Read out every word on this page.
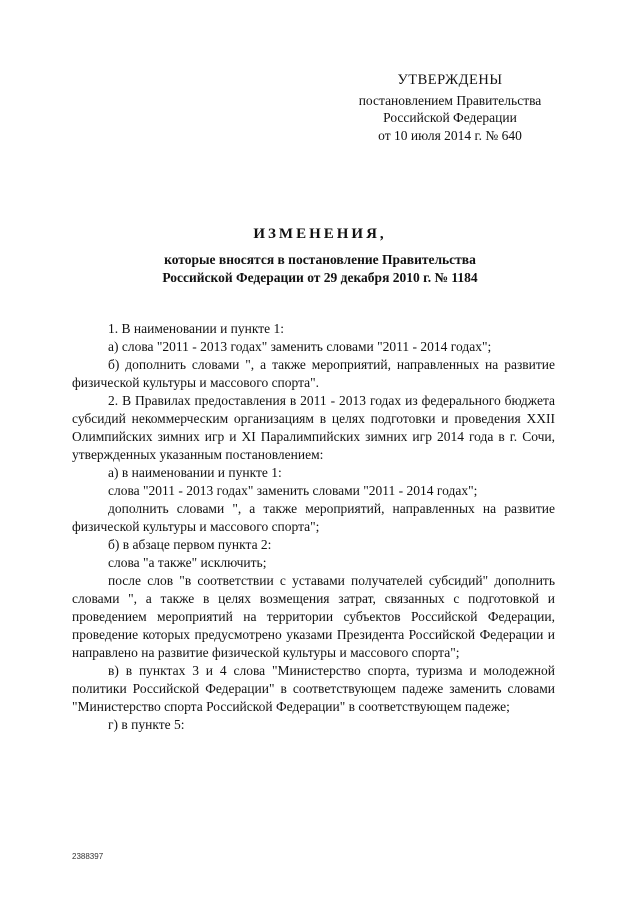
УТВЕРЖДЕНЫ
постановлением Правительства
Российской Федерации
от 10 июля 2014 г. № 640
ИЗМЕНЕНИЯ,
которые вносятся в постановление Правительства
Российской Федерации от 29 декабря 2010 г. № 1184

1. В наименовании и пункте 1:

а) слова "2011 - 2013 годах" заменить словами "2011 - 2014 годах";

б) дополнить словами ", а также мероприятий, направленных на развитие физической культуры и массового спорта".

2. В Правилах предоставления в 2011 - 2013 годах из федерального бюджета субсидий некоммерческим организациям в целях подготовки и проведения XXII Олимпийских зимних игр и XI Паралимпийских зимних игр 2014 года в г. Сочи, утвержденных указанным постановлением:

а) в наименовании и пункте 1:

слова "2011 - 2013 годах" заменить словами "2011 - 2014 годах";

дополнить словами ", а также мероприятий, направленных на развитие физической культуры и массового спорта";

б) в абзаце первом пункта 2:

слова "а также" исключить;

после слов "в соответствии с уставами получателей субсидий" дополнить словами ", а также в целях возмещения затрат, связанных с подготовкой и проведением мероприятий на территории субъектов Российской Федерации, проведение которых предусмотрено указами Президента Российской Федерации и направлено на развитие физической культуры и массового спорта";

в) в пунктах 3 и 4 слова "Министерство спорта, туризма и молодежной политики Российской Федерации" в соответствующем падеже заменить словами "Министерство спорта Российской Федерации" в соответствующем падеже;

г) в пункте 5:

2388397
